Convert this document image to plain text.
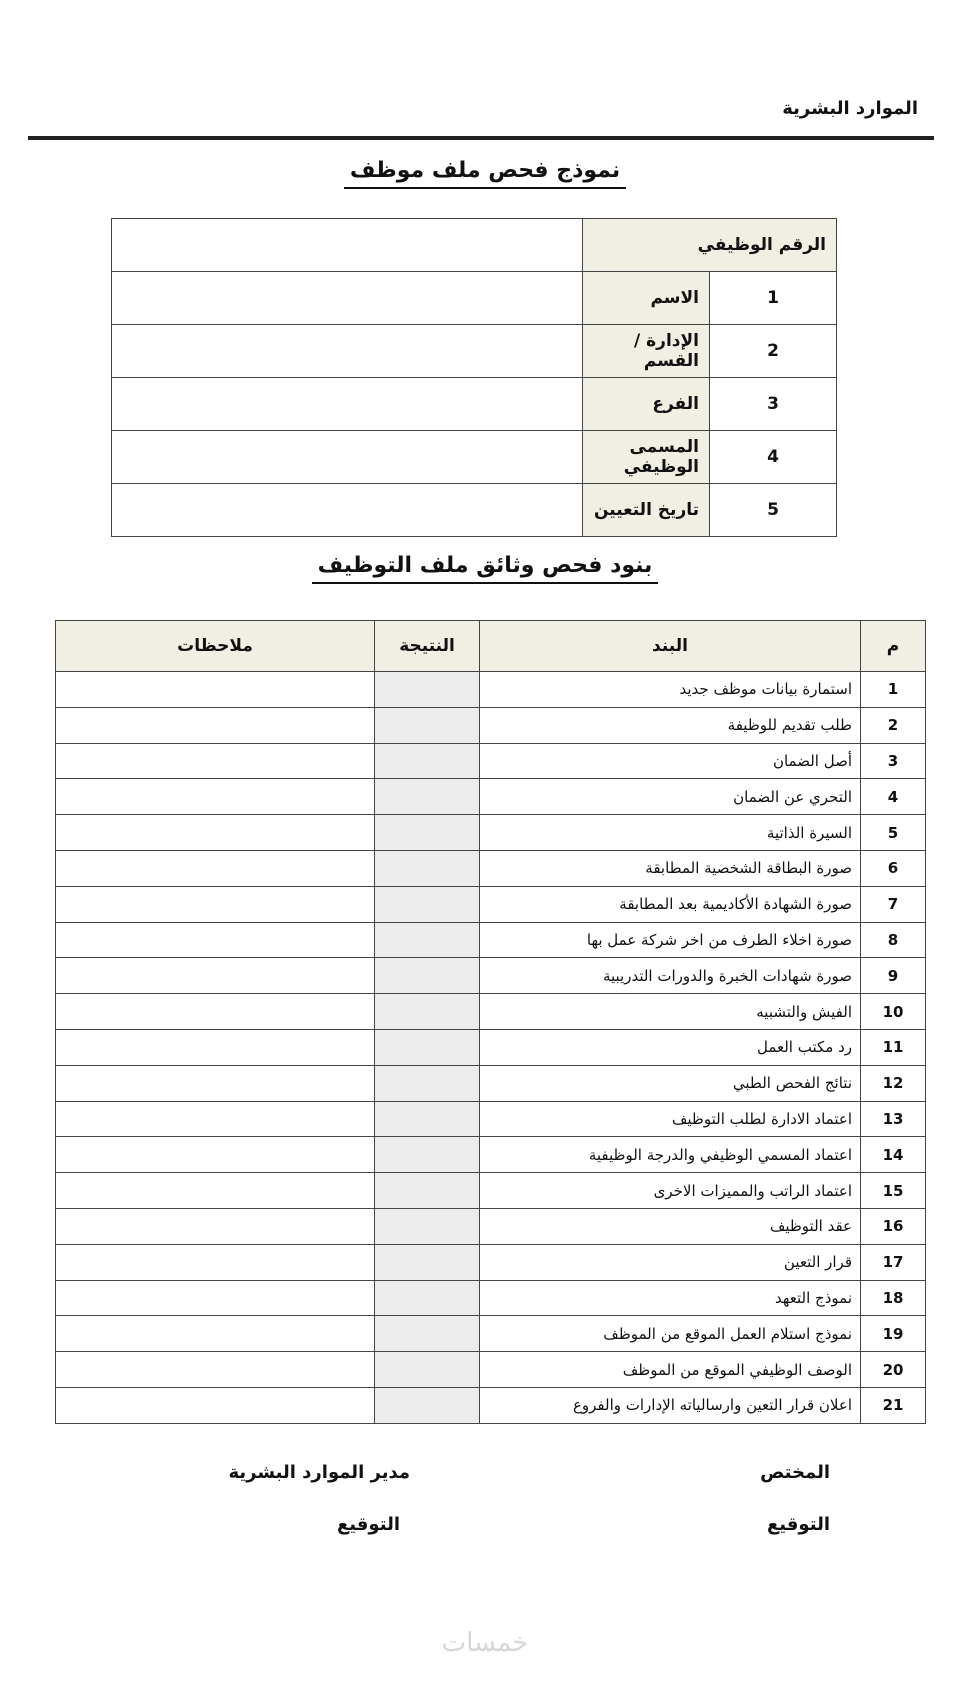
الموارد البشرية
نموذج فحص ملف موظف
الرقم الوظيفي		
1	الاسم	
2	الإدارة /القسم	
3	الفرع	
4	المسمى الوظيفي	
5	تاريخ التعيين	
بنود فحص وثائق ملف التوظيف
م	البند	النتيجة	ملاحظات
1	استمارة بيانات موظف جديد		
2	طلب تقديم للوظيفة		
3	أصل الضمان		
4	التحري عن الضمان		
5	السيرة الذاتية		
6	صورة البطاقة الشخصية المطابقة		
7	صورة الشهادة الأكاديمية بعد المطابقة		
8	صورة اخلاء الطرف من اخر شركة عمل بها		
9	صورة شهادات الخبرة والدورات التدريبية		
10	الفيش والتشبيه		
11	رد مكتب العمل		
12	نتائج الفحص الطبي		
13	اعتماد الادارة لطلب التوظيف		
14	اعتماد المسمي الوظيفي والدرجة الوظيفية		
15	اعتماد الراتب والمميزات الاخرى		
16	عقد التوظيف		
17	قرار التعين		
18	نموذج التعهد		
19	نموذج استلام العمل الموقع من الموظف		
20	الوصف الوظيفي الموقع من الموظف		
21	اعلان قرار التعين وارسالياته الإدارات والفروع		
المختص
مدير الموارد البشرية
التوقيع
التوقيع
خمسات
